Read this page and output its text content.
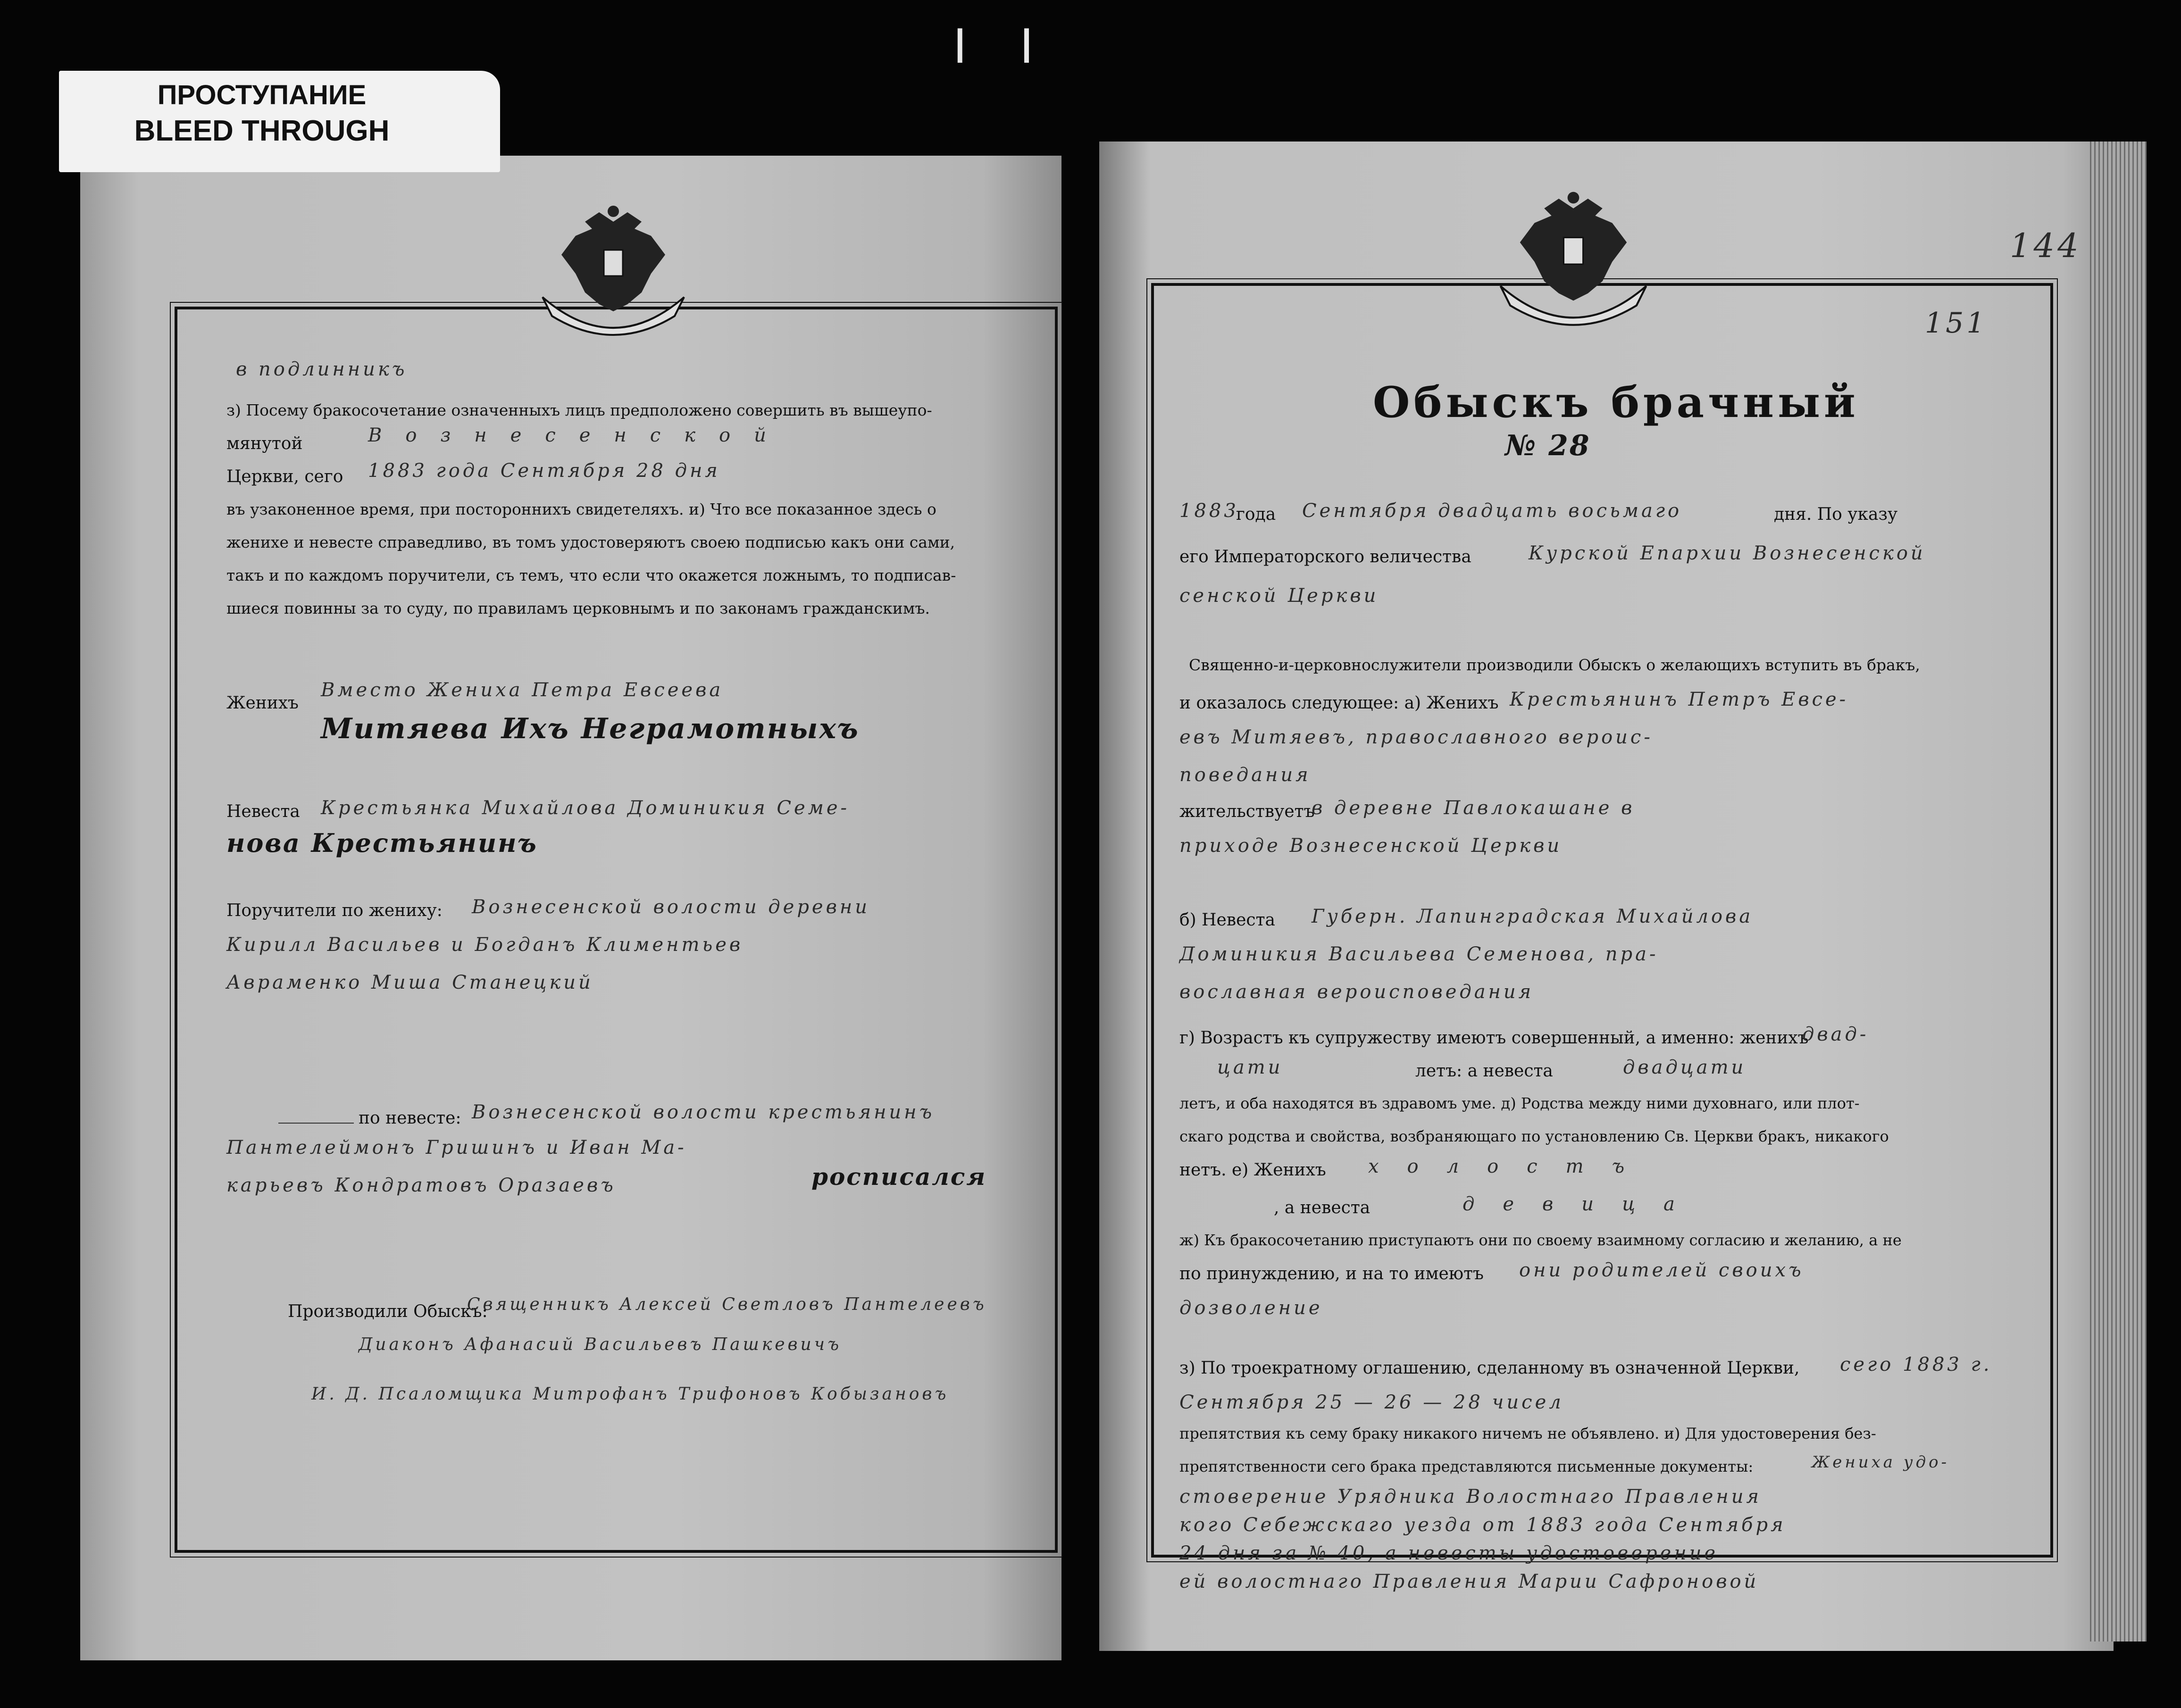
I I
ПРОСТУПАНИЕ
BLEED THROUGH
144
151
Обыскъ брачный
№ 28
1883
года Сентября двадцать восьмаго	дня. По указу
его Императорского величества	Курской Епархии Вознесенской
сенской Церкви
Священно-и-церковнослужители производили Обыскъ о желающихъ вступить въ бракъ,
и оказалось следующее: а) Женихъ Крестьянинъ Петръ Евсе-
евъ Митяевъ, православного вероис-
поведания
жительствуетъ
в деревне Павлокашане в
приходе Вознесенской Церкви
б) Невеста Губерн. Лапинградская Михайлова
Доминикия Васильева Семенова, пра-
вославная вероисповедания
г) Возрастъ къ супружеству имеютъ совершенный, а именно: женихъ
двад-
цати	летъ: а невеста	двадцати
летъ, и оба находятся въ здравомъ уме. д) Родства между ними духовнаго, или плот-
скаго родства и свойства, возбраняющаго по установлению Св. Церкви бракъ, никакого
нетъ. е) Женихъ холостъ
, а невеста	девица
ж) Къ бракосочетанию приступаютъ они по своему взаимному согласию и желанию, а не
по принуждению, и на то имеютъ они родителей своихъ
дозволение
з) По троекратному оглашению, сделанному въ означенной Церкви, сего 1883 г.
Сентября 25 — 26 — 28 чисел
препятствия къ сему браку никакого ничемъ не объявлено. и) Для удостоверения без-
препятственности сего брака представляются письменные документы:	Жениха удо-
стоверение Урядника Волостнаго Правления
кого Себежскаго уезда от 1883 года Сентября
24 дня за № 40, а невесты удостоверение
ей волостнаго Правления Марии Сафроновой
в подлинникъ
з) Посему бракосочетание означенныхъ лицъ предположено совершить въ вышеупо-
мянутой	Вознесенской
Церкви, сего 1883 года Сентября 28 дня
въ узаконенное время, при постороннихъ свидетеляхъ. и) Что все показанное здесь о
женихе и невесте справедливо, въ томъ удостоверяютъ своею подписью какъ они сами,
такъ и по каждомъ поручители, съ темъ, что если что окажется ложнымъ, то подписав-
шиеся повинны за то суду, по правиламъ церковнымъ и по законамъ гражданскимъ.
Женихъ
Вместо Жениха Петра Евсеева
Митяева Ихъ Неграмотныхъ
Невеста Крестьянка Михайлова Доминикия Семе-
нова Крестьянинъ
Поручители по жениху: Вознесенской волости деревни
Кирилл Васильев и Богданъ Климентьев
Авраменко Миша Станецкий
по невесте: Вознесенской волости крестьянинъ
Пантелеймонъ Гришинъ и Иван Ма-
карьевъ Кондратовъ Оразаевъ	росписался
Производили Обыскъ:
Священникъ Алексей Светловъ Пантелеевъ
Диаконъ Афанасий Васильевъ Пашкевичъ
И. Д. Псаломщика Митрофанъ Трифоновъ Кобызановъ
